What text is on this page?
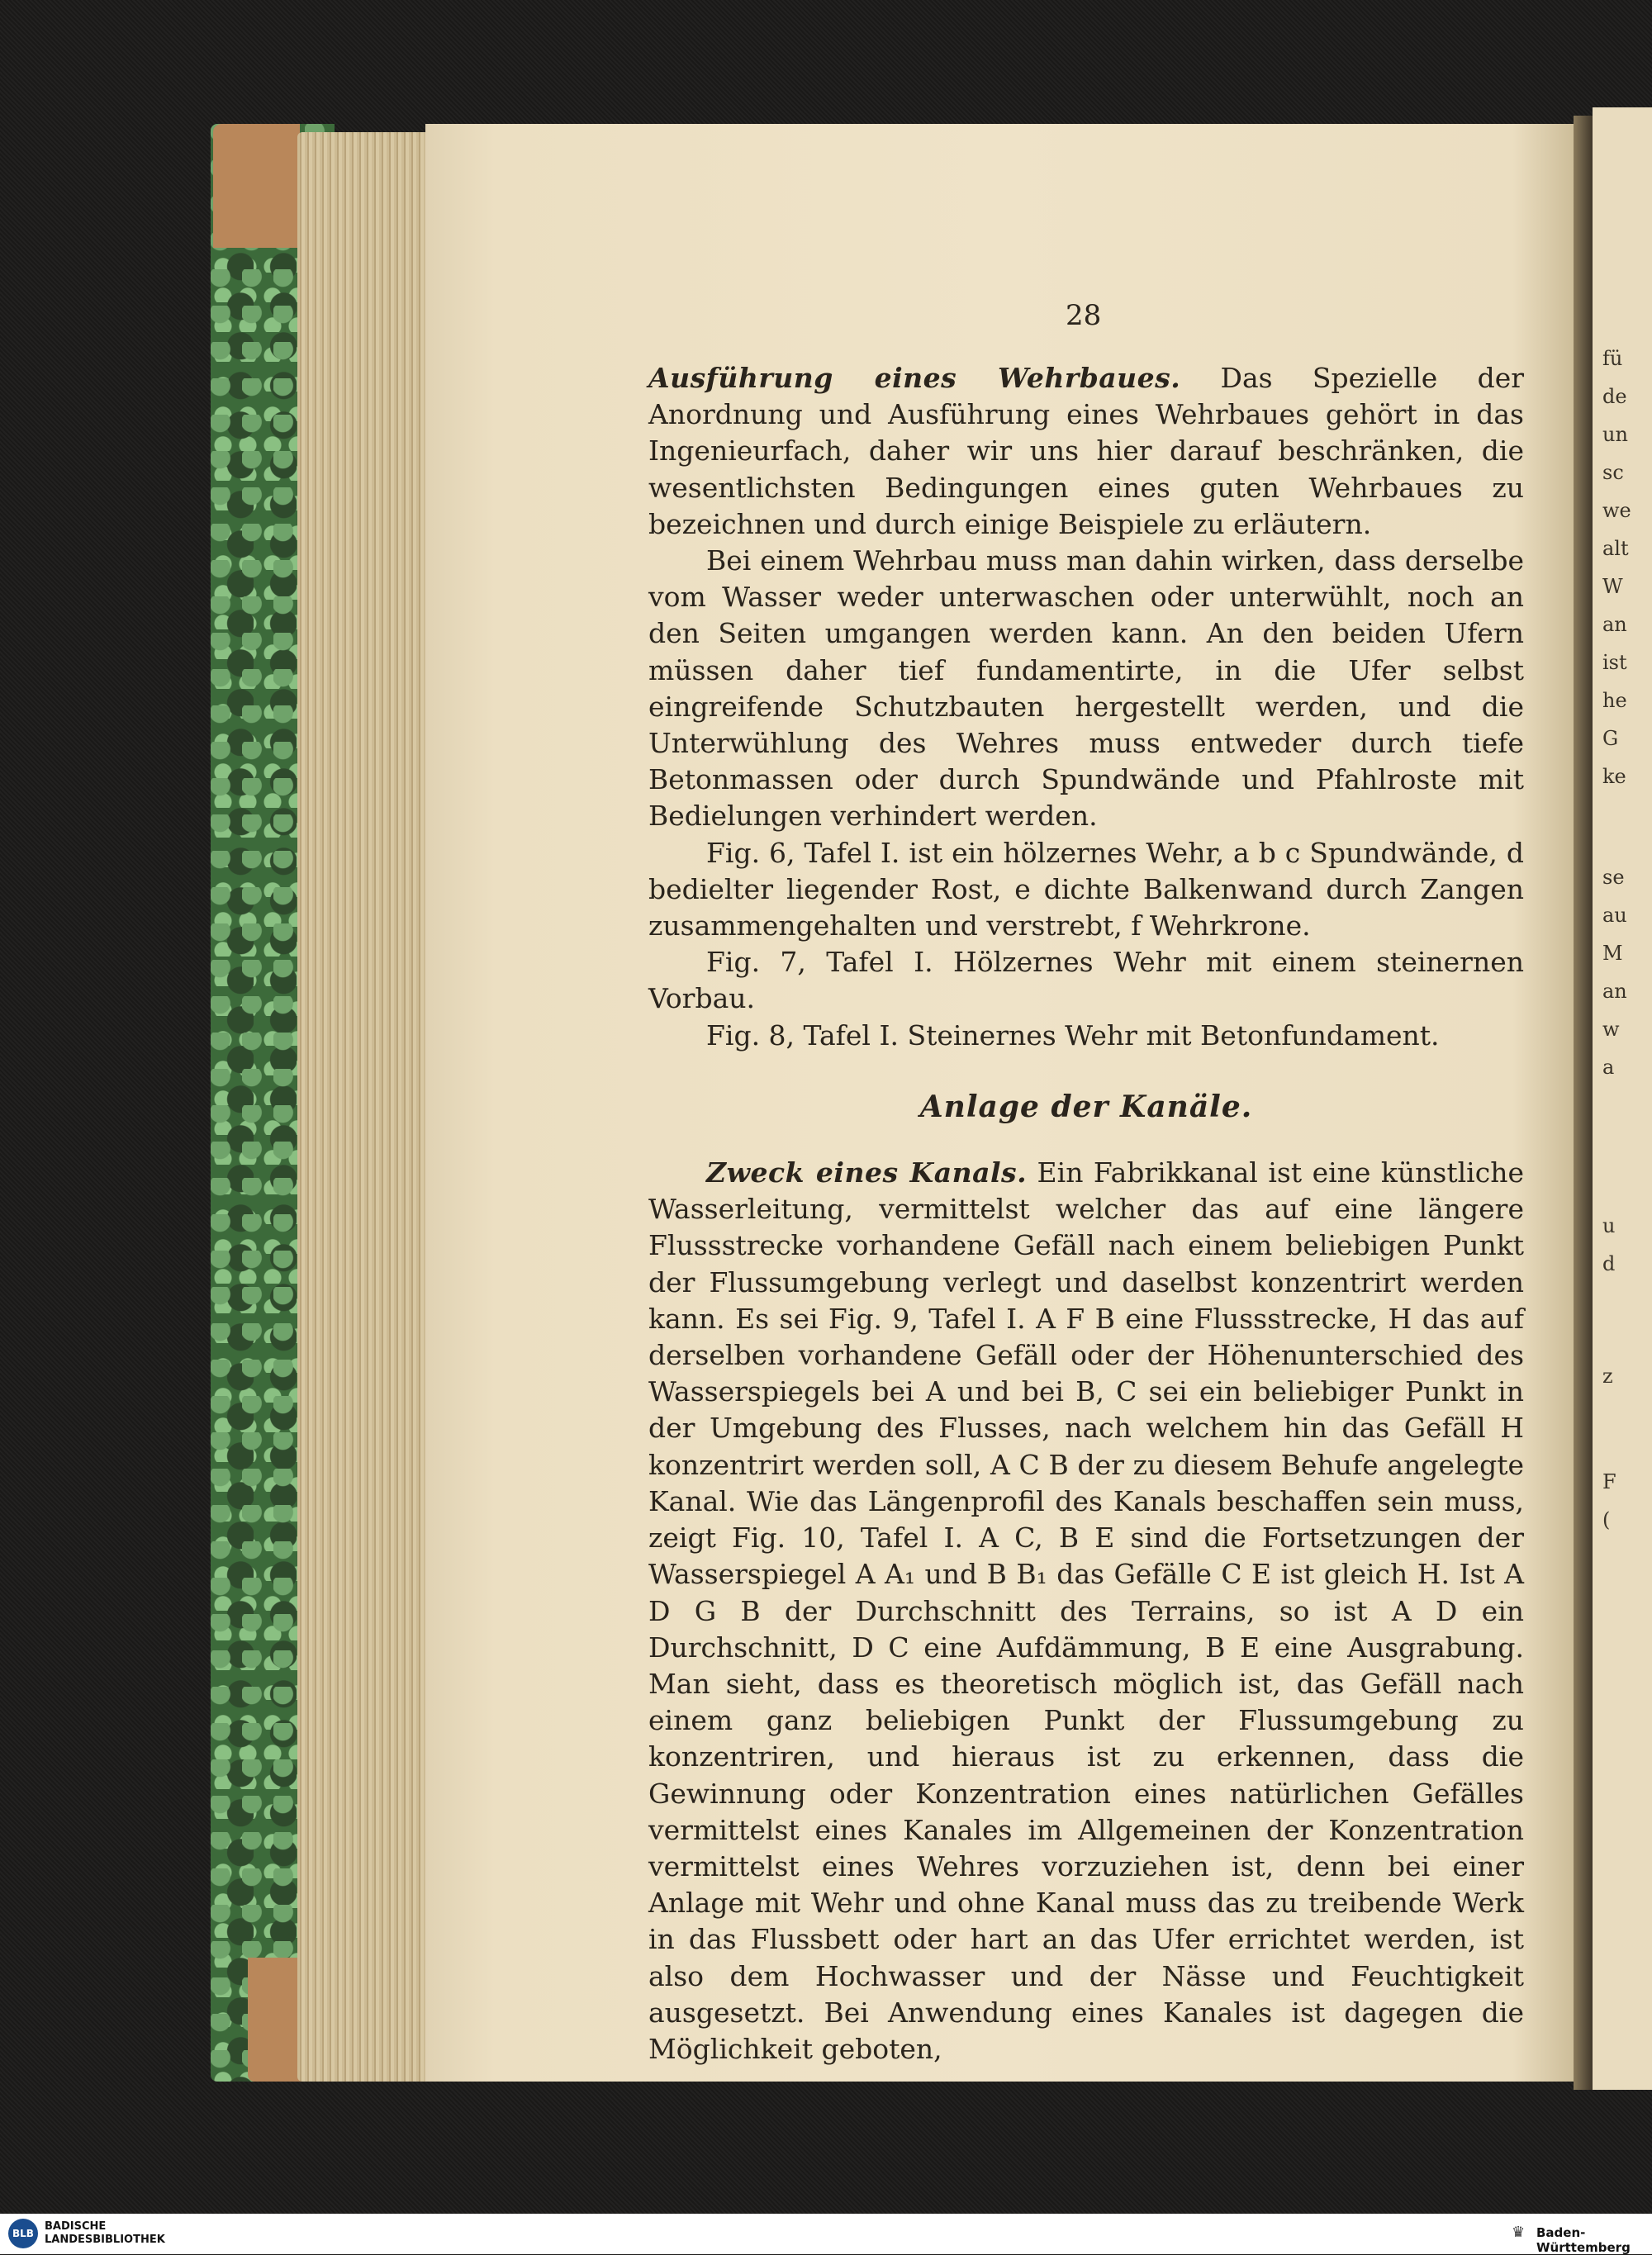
fü
de
un
sc
we
alt
W
an
ist
he
G
ke
se
au
M
an
w
a
u
d
z
F
(
28

Ausführung eines Wehrbaues. Das Spezielle der Anordnung und Ausführung eines Wehrbaues gehört in das Ingenieurfach, daher wir uns hier darauf beschränken, die wesentlichsten Bedingungen eines guten Wehrbaues zu bezeichnen und durch einige Beispiele zu erläutern.

Bei einem Wehrbau muss man dahin wirken, dass derselbe vom Wasser weder unterwaschen oder unterwühlt, noch an den Seiten umgangen werden kann. An den beiden Ufern müssen daher tief fundamentirte, in die Ufer selbst eingreifende Schutzbauten hergestellt werden, und die Unterwühlung des Wehres muss entweder durch tiefe Betonmassen oder durch Spundwände und Pfahlroste mit Bedielungen verhindert werden.

Fig. 6, Tafel I. ist ein hölzernes Wehr, a b c Spundwände, d bedielter liegender Rost, e dichte Balkenwand durch Zangen zusammengehalten und verstrebt, f Wehrkrone.

Fig. 7, Tafel I. Hölzernes Wehr mit einem steinernen Vorbau.

Fig. 8, Tafel I. Steinernes Wehr mit Betonfundament.

Anlage der Kanäle.

Zweck eines Kanals. Ein Fabrikkanal ist eine künstliche Wasserleitung, vermittelst welcher das auf eine längere Flussstrecke vorhandene Gefäll nach einem beliebigen Punkt der Flussumgebung verlegt und daselbst konzentrirt werden kann. Es sei Fig. 9, Tafel I. A F B eine Flussstrecke, H das auf derselben vorhandene Gefäll oder der Höhenunterschied des Wasserspiegels bei A und bei B, C sei ein beliebiger Punkt in der Umgebung des Flusses, nach welchem hin das Gefäll H konzentrirt werden soll, A C B der zu diesem Behufe angelegte Kanal. Wie das Längenprofil des Kanals beschaffen sein muss, zeigt Fig. 10, Tafel I. A C, B E sind die Fortsetzungen der Wasserspiegel A A₁ und B B₁ das Gefälle C E ist gleich H. Ist A D G B der Durchschnitt des Terrains, so ist A D ein Durchschnitt, D C eine Aufdämmung, B E eine Ausgrabung. Man sieht, dass es theoretisch möglich ist, das Gefäll nach einem ganz beliebigen Punkt der Flussumgebung zu konzentriren, und hieraus ist zu erkennen, dass die Gewinnung oder Konzentration eines natürlichen Gefälles vermittelst eines Kanales im Allgemeinen der Konzentration vermittelst eines Wehres vorzuziehen ist, denn bei einer Anlage mit Wehr und ohne Kanal muss das zu treibende Werk in das Flussbett oder hart an das Ufer errichtet werden, ist also dem Hochwasser und der Nässe und Feuchtigkeit ausgesetzt. Bei Anwendung eines Kanales ist dagegen die Möglichkeit geboten,

BLB
BADISCHE
LANDESBIBLIOTHEK	♛ Baden-Württemberg
